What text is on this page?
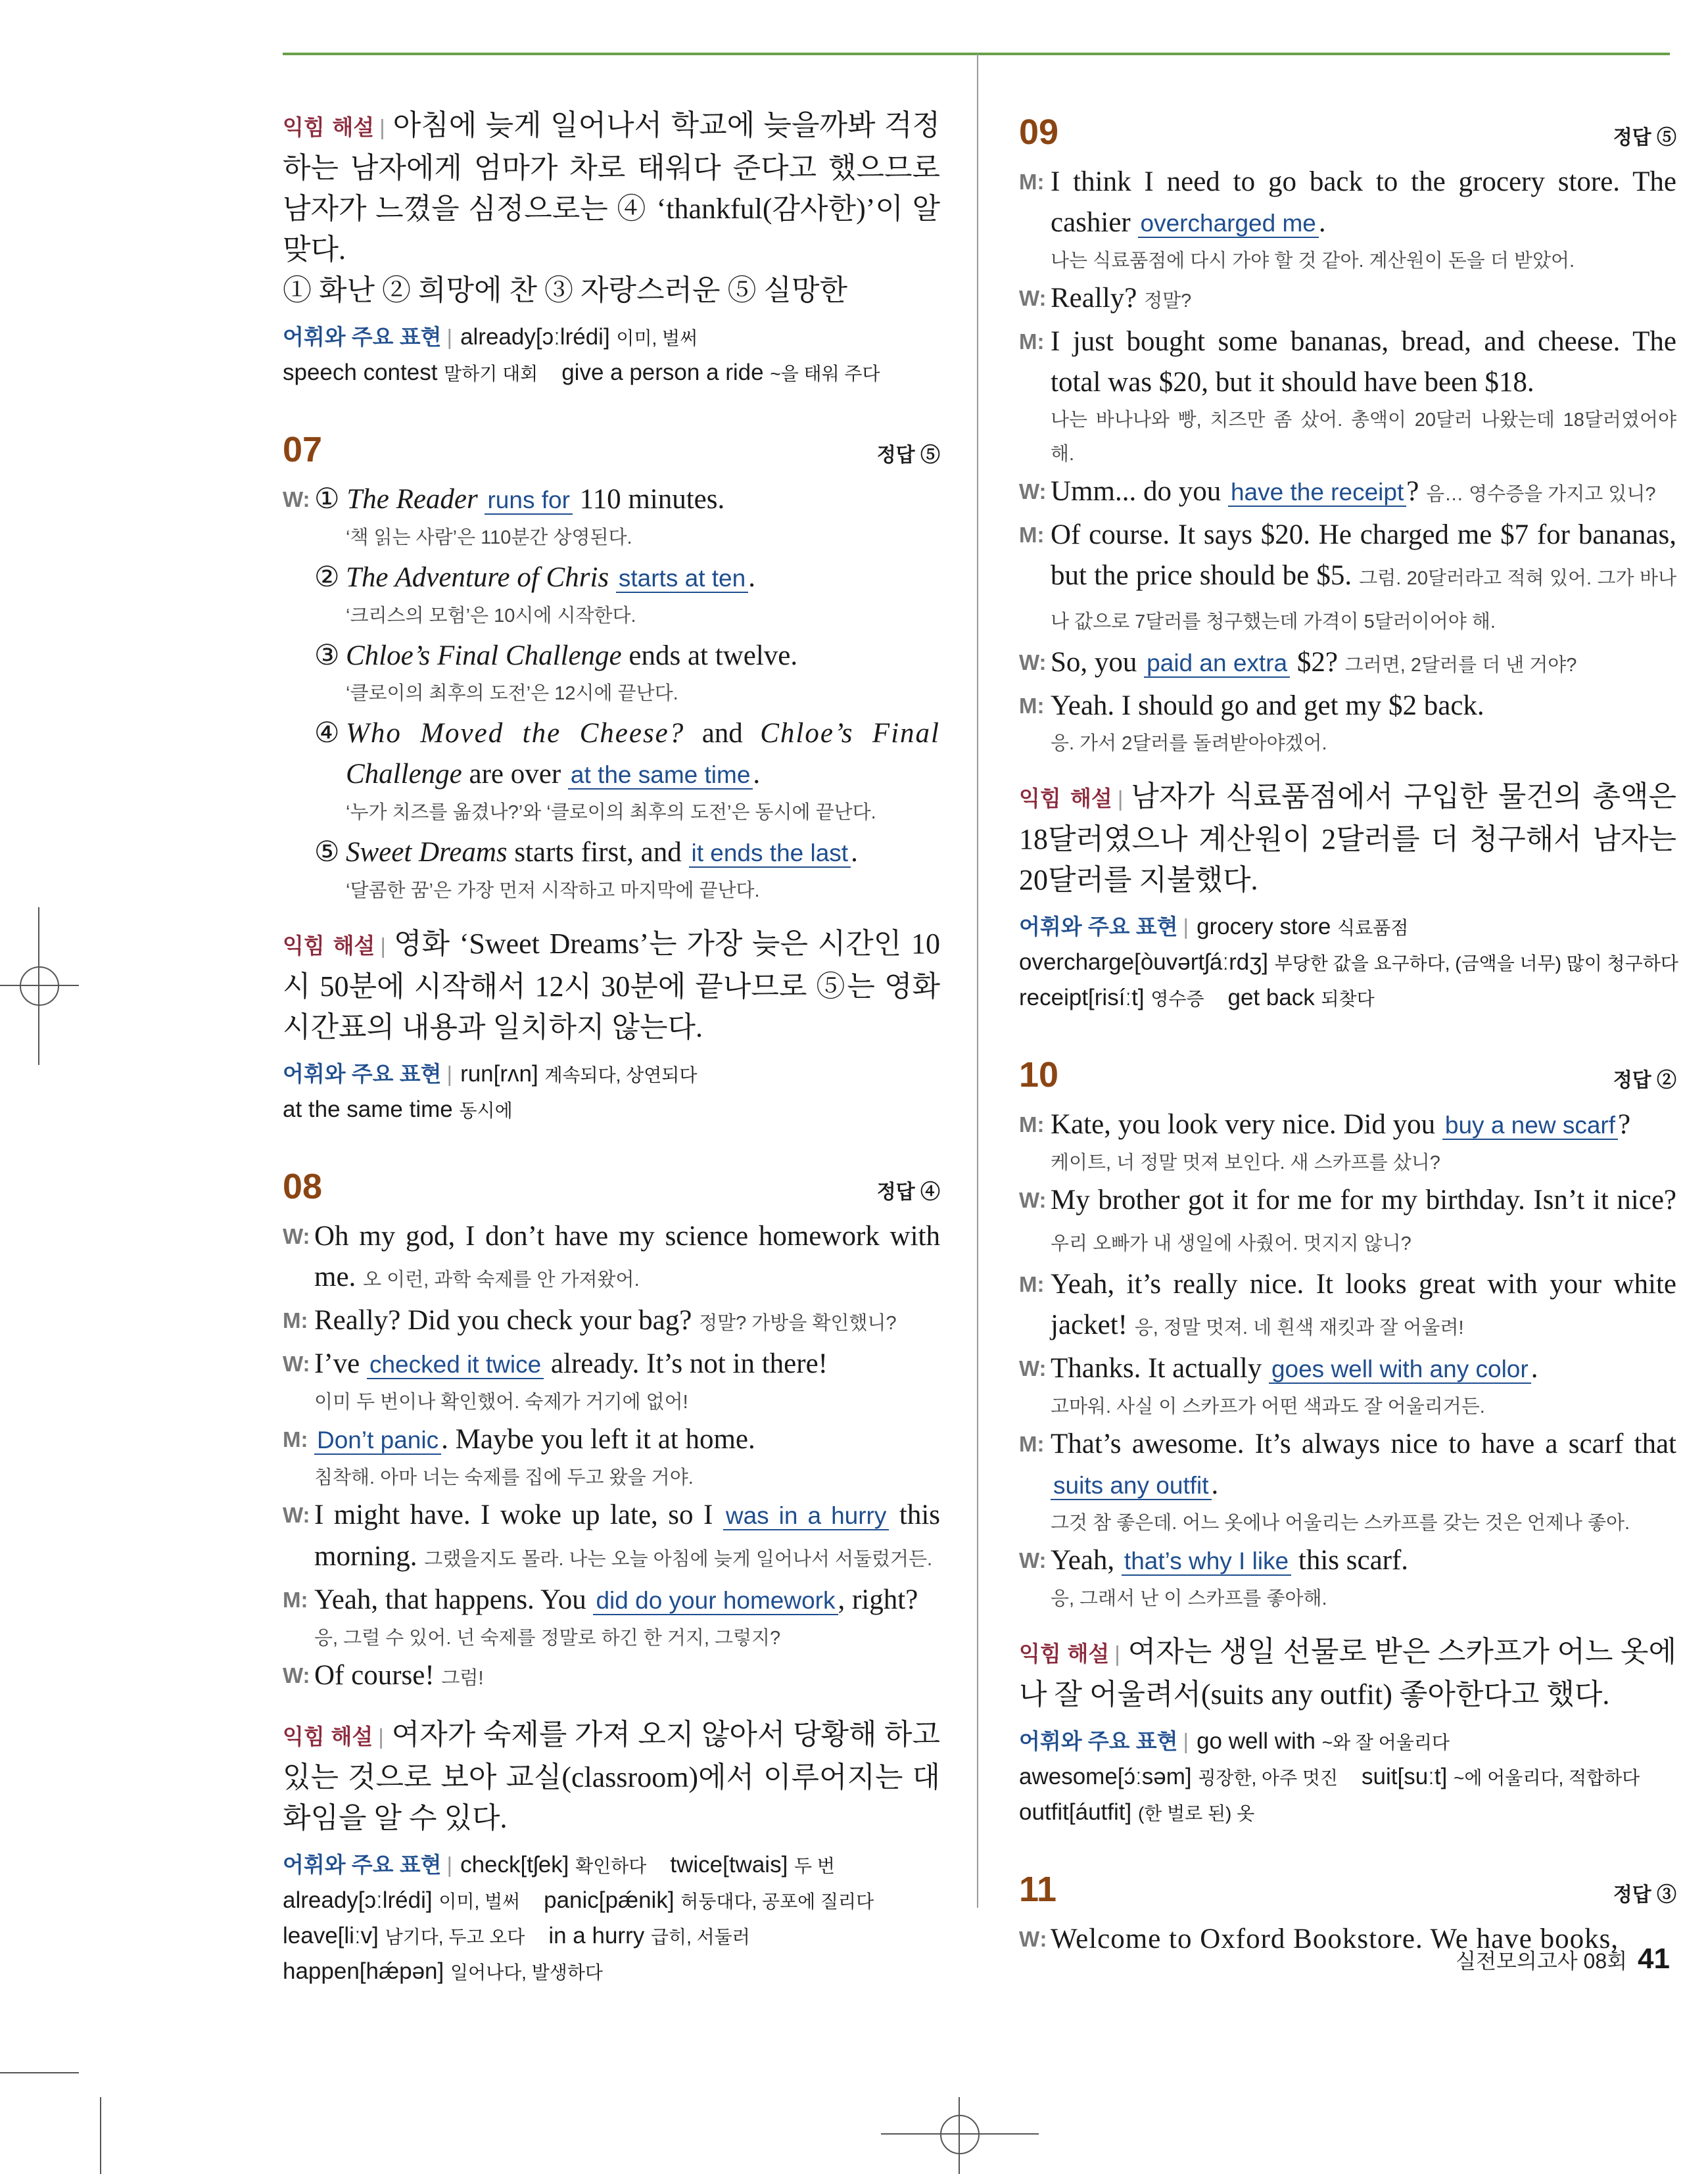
익힘 해설 | 아침에 늦게 일어나서 학교에 늦을까봐 걱정하는 남자에게 엄마가 차로 태워다 준다고 했으므로 남자가 느꼈을 심정으로는 ④ ‘thankful(감사한)’이 알맞다.
① 화난 ② 희망에 찬 ③ 자랑스러운 ⑤ 실망한
어휘와 주요 표현 | already[ɔːlrédi] 이미, 벌써
speech contest 말하기 대회 give a person a ride ~을 태워 주다
07	정답 ⑤
W: ① The Reader runs for 110 minutes.
‘책 읽는 사람’은 110분간 상영된다.
② The Adventure of Chris starts at ten.
‘크리스의 모험’은 10시에 시작한다.
③ Chloe’s Final Challenge ends at twelve.
‘클로이의 최후의 도전’은 12시에 끝난다.
④ Who Moved the Cheese? and Chloe’s Final Challenge are over at the same time.
‘누가 치즈를 옮겼나?’와 ‘클로이의 최후의 도전’은 동시에 끝난다.
⑤ Sweet Dreams starts first, and it ends the last.
‘달콤한 꿈’은 가장 먼저 시작하고 마지막에 끝난다.
익힘 해설 | 영화 ‘Sweet Dreams’는 가장 늦은 시간인 10시 50분에 시작해서 12시 30분에 끝나므로 ⑤는 영화 시간표의 내용과 일치하지 않는다.
어휘와 주요 표현 | run[rʌn] 계속되다, 상연되다
at the same time 동시에
08	정답 ④
W: Oh my god, I don’t have my science homework with me. 오 이런, 과학 숙제를 안 가져왔어.
M: Really? Did you check your bag? 정말? 가방을 확인했니?
W: I’ve checked it twice already. It’s not in there!
이미 두 번이나 확인했어. 숙제가 거기에 없어!
M: Don’t panic. Maybe you left it at home.
침착해. 아마 너는 숙제를 집에 두고 왔을 거야.
W: I might have. I woke up late, so I was in a hurry this morning. 그랬을지도 몰라. 나는 오늘 아침에 늦게 일어나서 서둘렀거든.
M: Yeah, that happens. You did do your homework, right?
응, 그럴 수 있어. 넌 숙제를 정말로 하긴 한 거지, 그렇지?
W: Of course! 그럼!
익힘 해설 | 여자가 숙제를 가져 오지 않아서 당황해 하고 있는 것으로 보아 교실(classroom)에서 이루어지는 대화임을 알 수 있다.
어휘와 주요 표현 | check[tʃek] 확인하다 twice[twais] 두 번
already[ɔːlrédi] 이미, 벌써 panic[pǽnik] 허둥대다, 공포에 질리다
leave[liːv] 남기다, 두고 오다 in a hurry 급히, 서둘러
happen[hǽpən] 일어나다, 발생하다
09	정답 ⑤
M: I think I need to go back to the grocery store. The cashier overcharged me.
나는 식료품점에 다시 가야 할 것 같아. 계산원이 돈을 더 받았어.
W: Really? 정말?
M: I just bought some bananas, bread, and cheese. The total was $20, but it should have been $18.
나는 바나나와 빵, 치즈만 좀 샀어. 총액이 20달러 나왔는데 18달러였어야 해.
W: Umm... do you have the receipt? 음… 영수증을 가지고 있니?
M: Of course. It says $20. He charged me $7 for bananas, but the price should be $5. 그럼. 20달러라고 적혀 있어. 그가 바나나 값으로 7달러를 청구했는데 가격이 5달러이어야 해.
W: So, you paid an extra $2? 그러면, 2달러를 더 낸 거야?
M: Yeah. I should go and get my $2 back.
응. 가서 2달러를 돌려받아야겠어.
익힘 해설 | 남자가 식료품점에서 구입한 물건의 총액은 18달러였으나 계산원이 2달러를 더 청구해서 남자는 20달러를 지불했다.
어휘와 주요 표현 | grocery store 식료품점
overcharge[òuvərtʃáːrdʒ] 부당한 값을 요구하다, (금액을 너무) 많이 청구하다
receipt[risíːt] 영수증 get back 되찾다
10	정답 ②
M: Kate, you look very nice. Did you buy a new scarf?
케이트, 너 정말 멋져 보인다. 새 스카프를 샀니?
W: My brother got it for me for my birthday. Isn’t it nice? 우리 오빠가 내 생일에 사줬어. 멋지지 않니?
M: Yeah, it’s really nice. It looks great with your white jacket! 응, 정말 멋져. 네 흰색 재킷과 잘 어울려!
W: Thanks. It actually goes well with any color.
고마워. 사실 이 스카프가 어떤 색과도 잘 어울리거든.
M: That’s awesome. It’s always nice to have a scarf that suits any outfit.
그것 참 좋은데. 어느 옷에나 어울리는 스카프를 갖는 것은 언제나 좋아.
W: Yeah, that’s why I like this scarf.
응, 그래서 난 이 스카프를 좋아해.
익힘 해설 | 여자는 생일 선물로 받은 스카프가 어느 옷에나 잘 어울려서(suits any outfit) 좋아한다고 했다.
어휘와 주요 표현 | go well with ~와 잘 어울리다
awesome[ɔ́ːsəm] 굉장한, 아주 멋진 suit[suːt] ~에 어울리다, 적합하다
outfit[áutfit] (한 벌로 된) 옷
11	정답 ③
W: Welcome to Oxford Bookstore. We have books,
실전모의고사 08회 41
